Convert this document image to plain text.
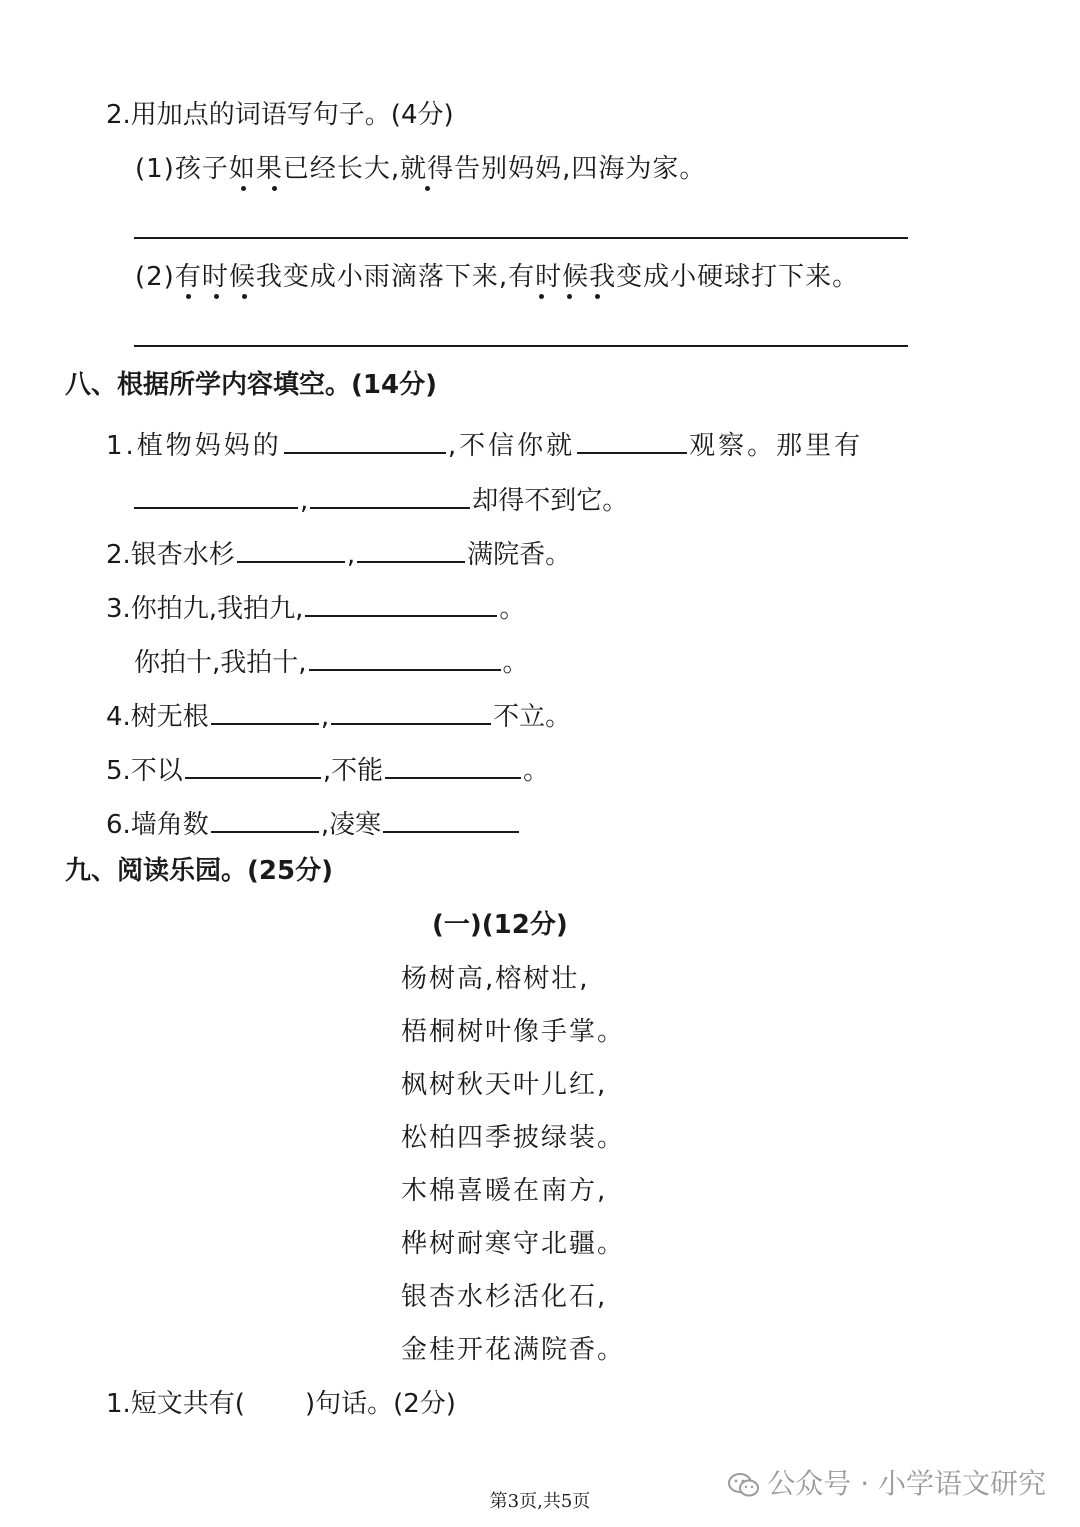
2.用加点的词语写句子。(4分)
(1)孩子如果已经长大,就得告别妈妈,四海为家。
(2)有时候我变成小雨滴落下来,有时候我变成小硬球打下来。
八、根据所学内容填空。(14分)
1.植物妈妈的	,不信你就	观察。那里有
,	却得不到它。
2.银杏水杉	,	满院香。
3.你拍九,我拍九,	。
你拍十,我拍十,	。
4.树无根	,	不立。
5.不以	,不能	。
6.墙角数	,凌寒
九、阅读乐园。(25分)
(一)(12分)
杨树高,榕树壮,
梧桐树叶像手掌。
枫树秋天叶儿红,
松柏四季披绿装。
木棉喜暖在南方,
桦树耐寒守北疆。
银杏水杉活化石,
金桂开花满院香。
1.短文共有( )句话。(2分)
公众号 · 小学语文研究
第3页,共5页
